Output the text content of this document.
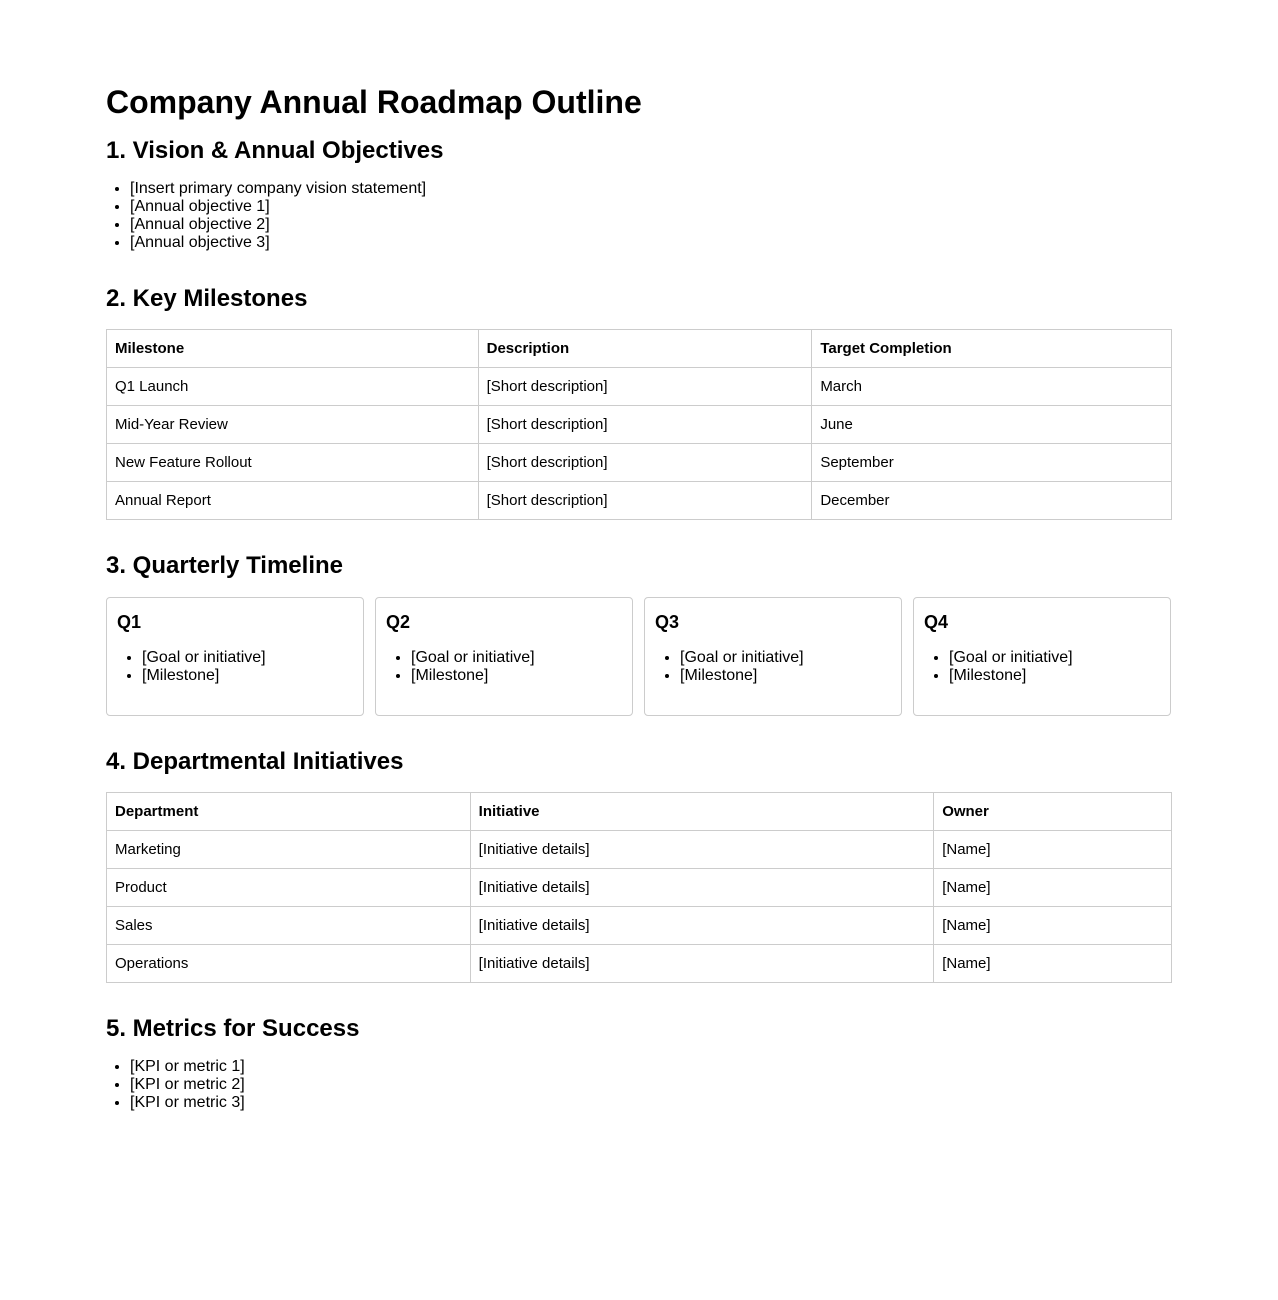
Company Annual Roadmap Outline
1. Vision & Annual Objectives
• [Insert primary company vision statement]
• [Annual objective 1]
• [Annual objective 2]
• [Annual objective 3]
2. Key Milestones
Milestone	Description	Target Completion
Q1 Launch	[Short description]	March
Mid-Year Review	[Short description]	June
New Feature Rollout	[Short description]	September
Annual Report	[Short description]	December
3. Quarterly Timeline
Q1
• [Goal or initiative]
• [Milestone]
Q2
• [Goal or initiative]
• [Milestone]
Q3
• [Goal or initiative]
• [Milestone]
Q4
• [Goal or initiative]
• [Milestone]
4. Departmental Initiatives
Department	Initiative	Owner
Marketing	[Initiative details]	[Name]
Product	[Initiative details]	[Name]
Sales	[Initiative details]	[Name]
Operations	[Initiative details]	[Name]
5. Metrics for Success
• [KPI or metric 1]
• [KPI or metric 2]
• [KPI or metric 3]
